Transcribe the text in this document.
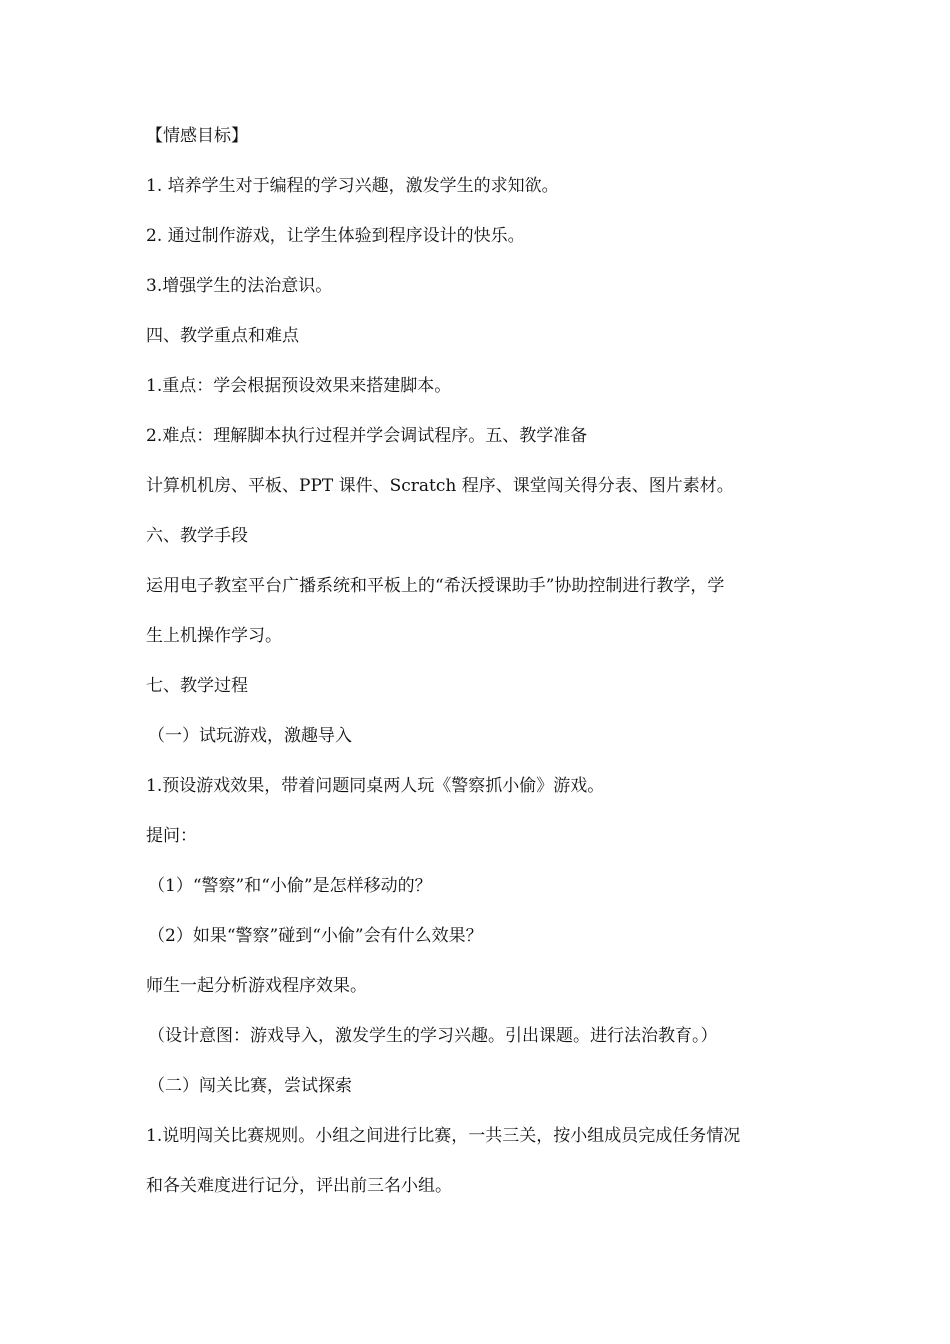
【情感目标】
1. 培养学生对于编程的学习兴趣，激发学生的求知欲。
2. 通过制作游戏，让学生体验到程序设计的快乐。
3.增强学生的法治意识。
四、教学重点和难点
1.重点：学会根据预设效果来搭建脚本。
2.难点：理解脚本执行过程并学会调试程序。五、教学准备
计算机机房、平板、PPT 课件、Scratch 程序、课堂闯关得分表、图片素材。
六、教学手段
运用电子教室平台广播系统和平板上的“希沃授课助手”协助控制进行教学，学
生上机操作学习。
七、教学过程
（一）试玩游戏，激趣导入
1.预设游戏效果，带着问题同桌两人玩《警察抓小偷》游戏。
提问：
（1）“警察”和“小偷”是怎样移动的？
（2）如果“警察”碰到“小偷”会有什么效果？
师生一起分析游戏程序效果。
（设计意图：游戏导入，激发学生的学习兴趣。引出课题。进行法治教育。）
（二）闯关比赛，尝试探索
1.说明闯关比赛规则。小组之间进行比赛，一共三关，按小组成员完成任务情况
和各关难度进行记分，评出前三名小组。
